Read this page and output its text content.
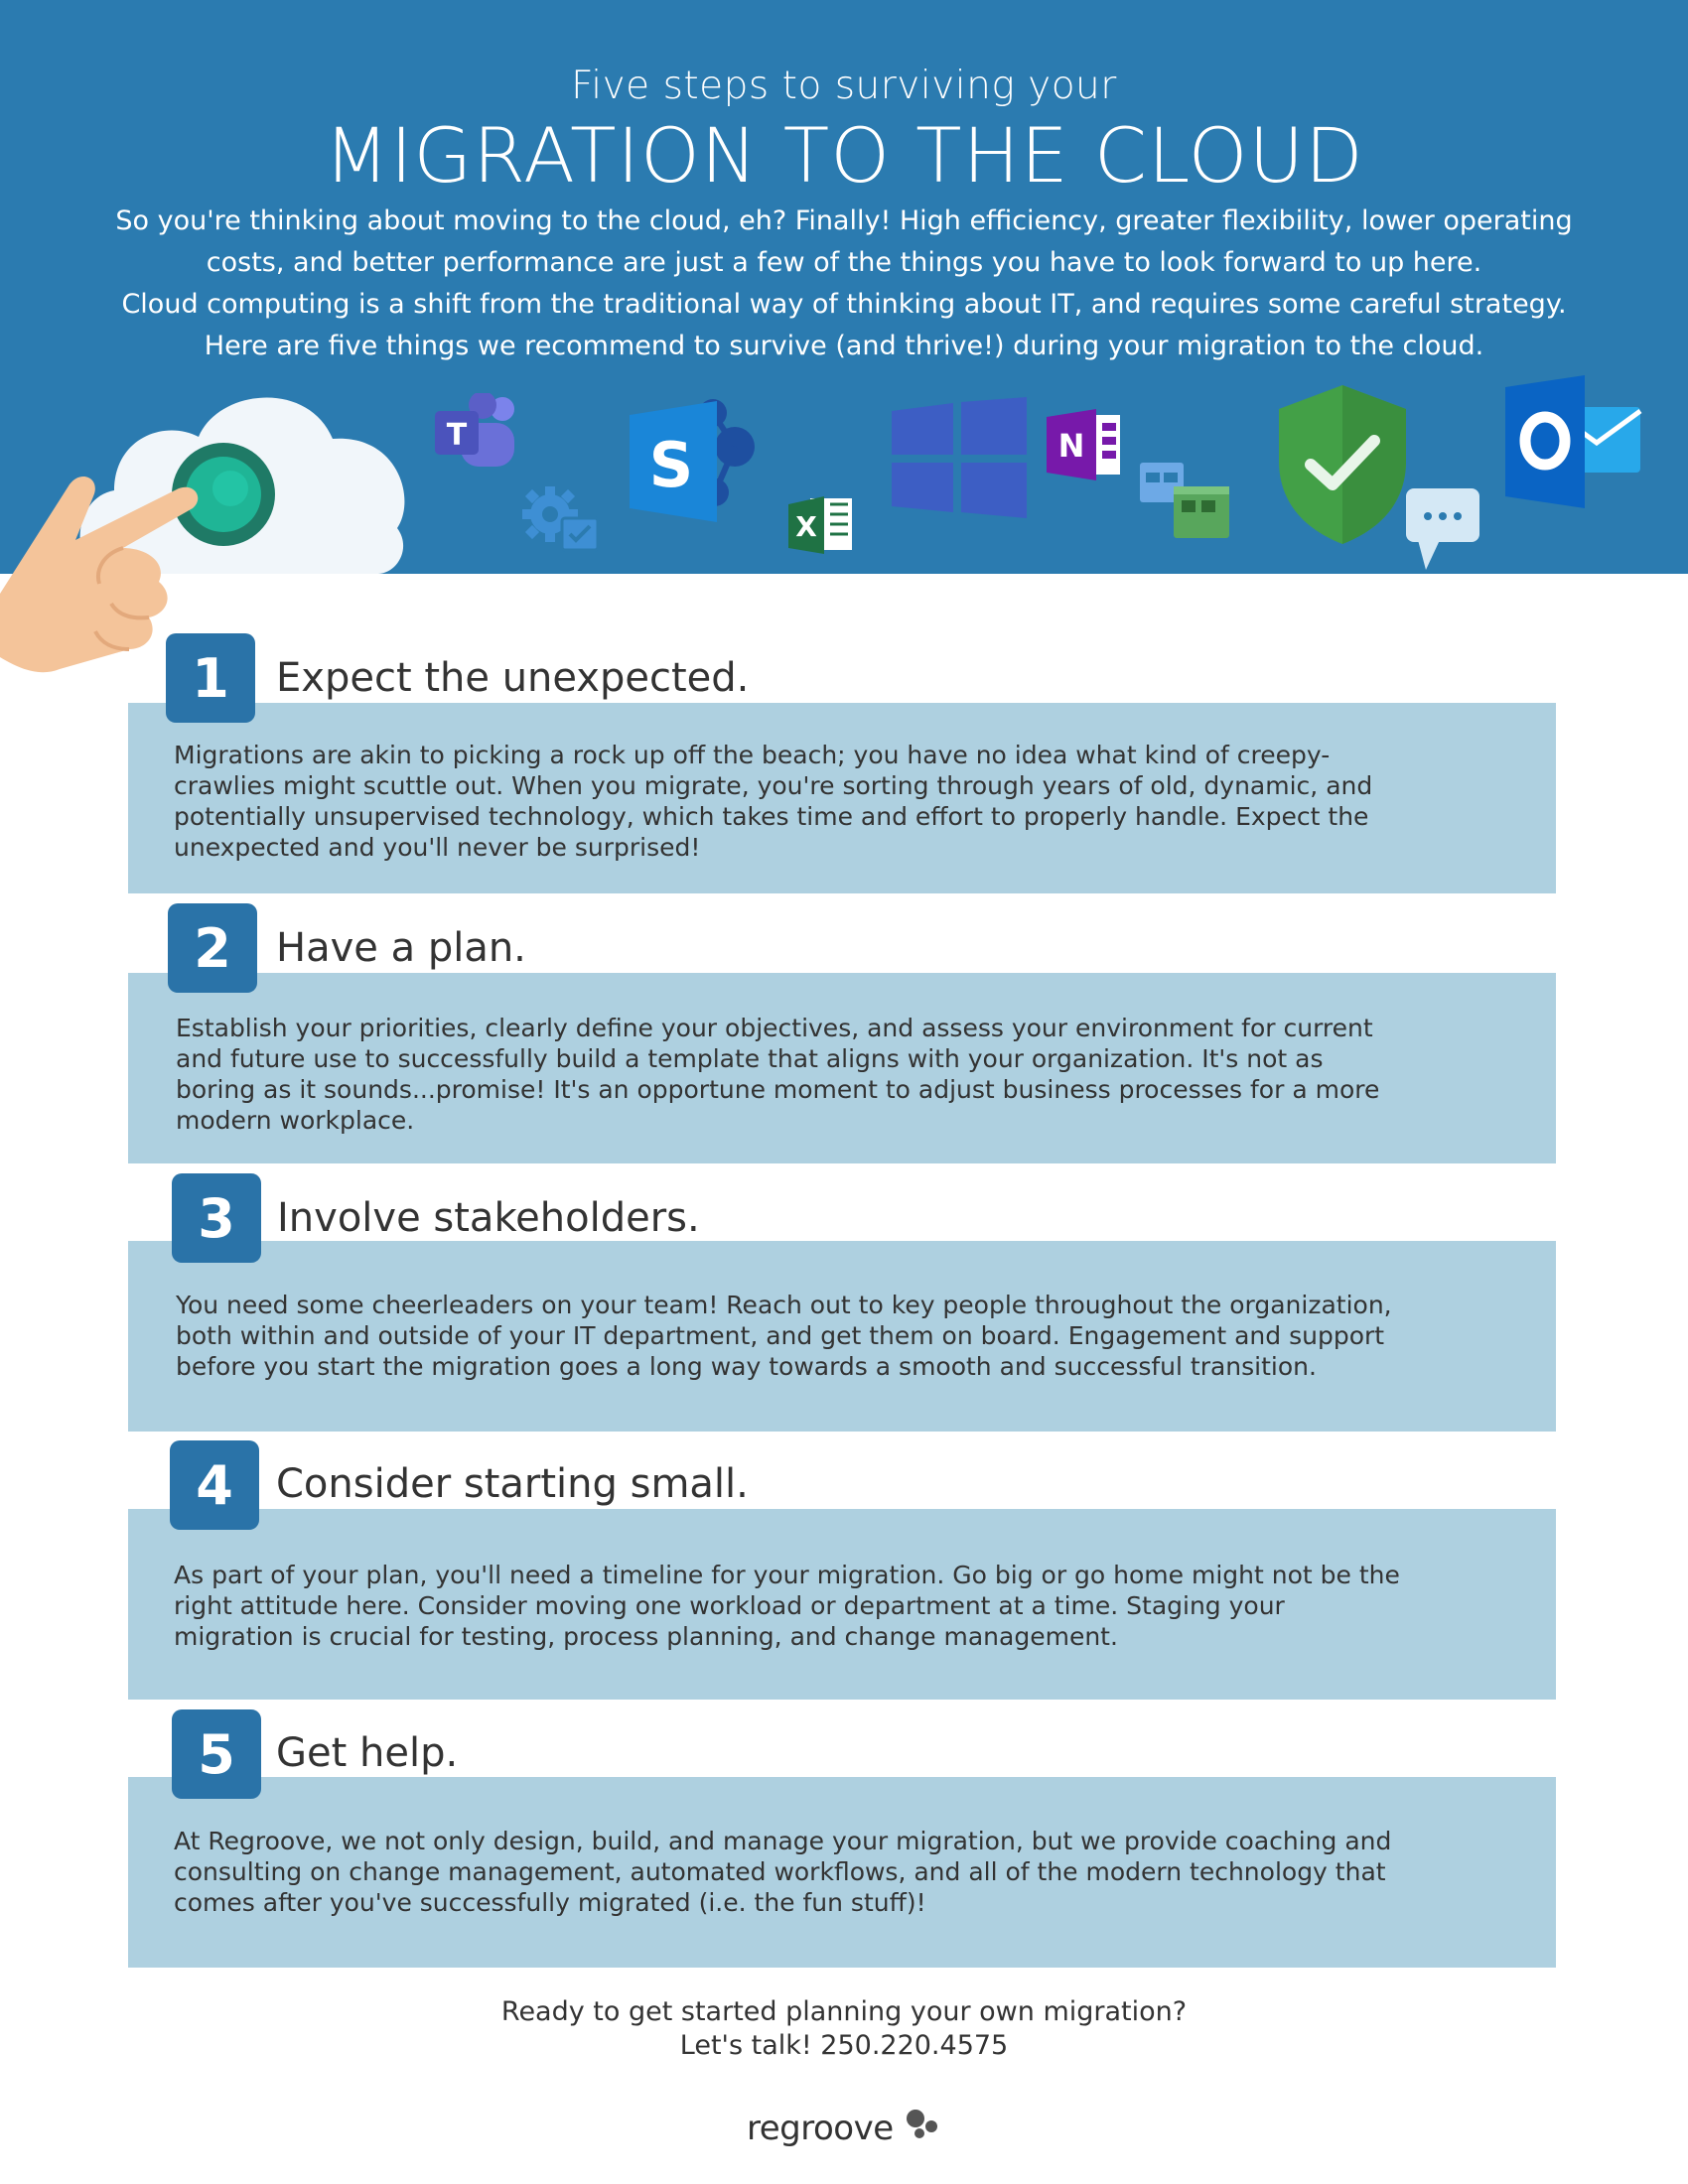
Five steps to surviving your
MIGRATION TO THE CLOUD
So you're thinking about moving to the cloud, eh? Finally! High efficiency, greater flexibility, lower operating
costs, and better performance are just a few of the things you have to look forward to up here.
Cloud computing is a shift from the traditional way of thinking about IT, and requires some careful strategy.
Here are five things we recommend to survive (and thrive!) during your migration to the cloud.
T	S
X
N
Migrations are akin to picking a rock up off the beach; you have no idea what kind of creepy-
crawlies might scuttle out. When you migrate, you're sorting through years of old, dynamic, and
potentially unsupervised technology, which takes time and effort to properly handle. Expect the
unexpected and you'll never be surprised!
1	Expect the unexpected.
Establish your priorities, clearly define your objectives, and assess your environment for current
and future use to successfully build a template that aligns with your organization. It's not as
boring as it sounds...promise! It's an opportune moment to adjust business processes for a more
modern workplace.
2	Have a plan.
You need some cheerleaders on your team! Reach out to key people throughout the organization,
both within and outside of your IT department, and get them on board. Engagement and support
before you start the migration goes a long way towards a smooth and successful transition.
3	Involve stakeholders.
As part of your plan, you'll need a timeline for your migration. Go big or go home might not be the
right attitude here. Consider moving one workload or department at a time. Staging your
migration is crucial for testing, process planning, and change management.
4	Consider starting small.
At Regroove, we not only design, build, and manage your migration, but we provide coaching and
consulting on change management, automated workflows, and all of the modern technology that
comes after you've successfully migrated (i.e. the fun stuff)!
5	Get help.
Ready to get started planning your own migration?
Let's talk! 250.220.4575
regroove
